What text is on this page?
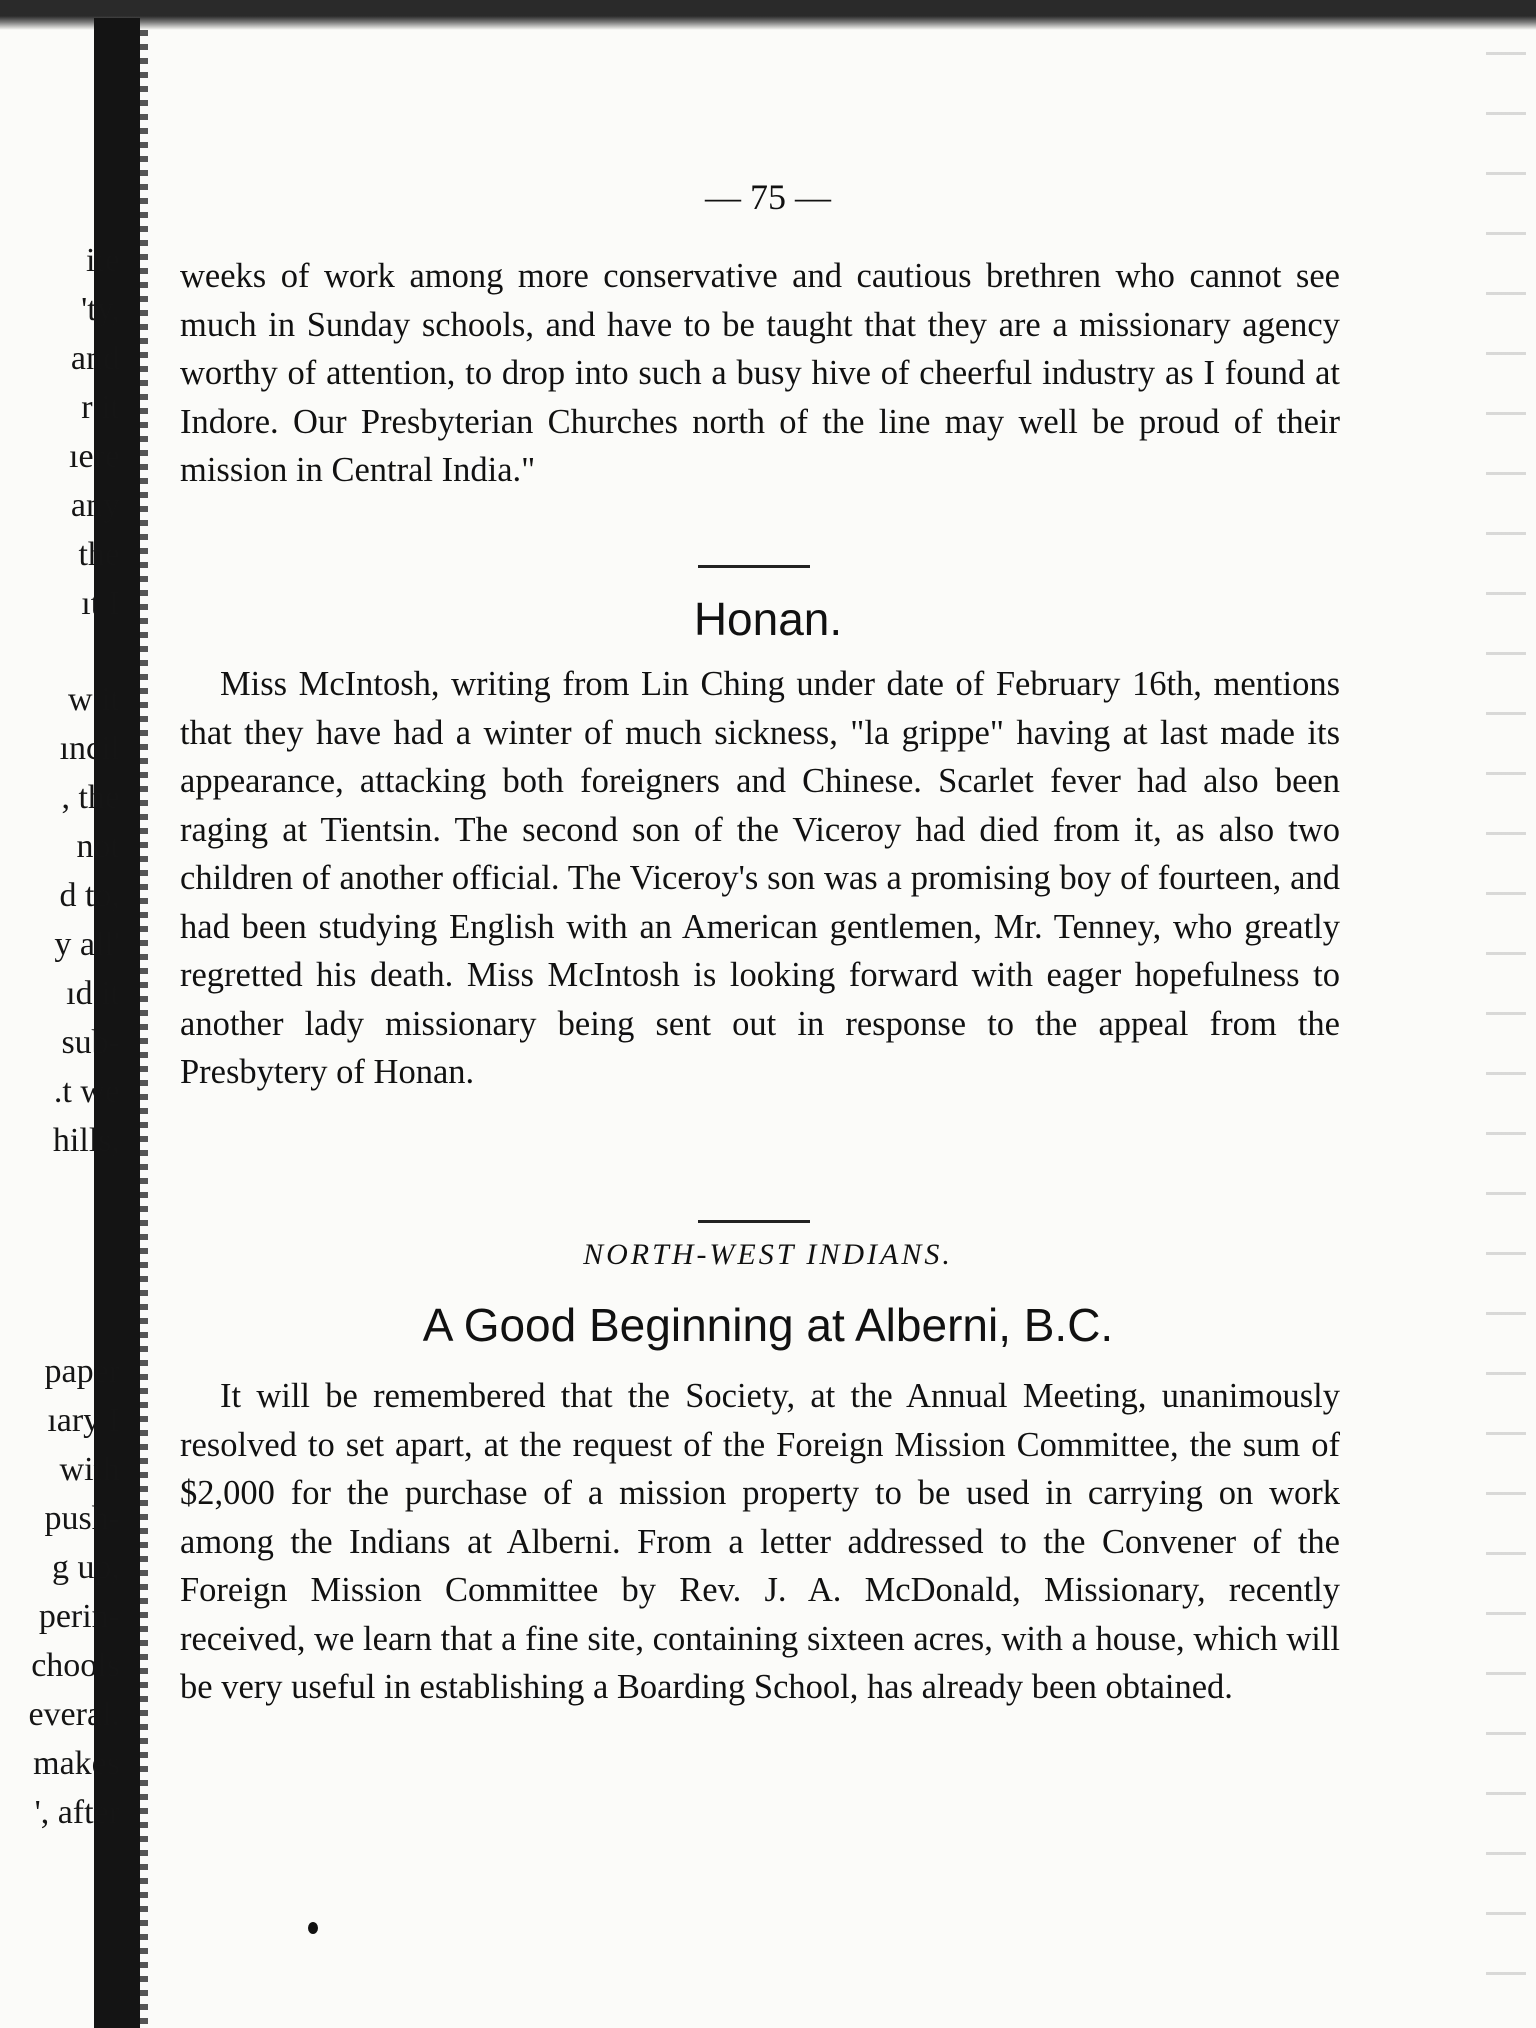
ite
'ty,
and
r it
ıere
any
the
ıt I
w it
ıncil
, the
not
d to,
y all'
ıd it
sub-
.t we
hills,
paper
ıary I
with
push-
g up,
perin-
chools
everal.
makes
', after
— 75 —
weeks of work among more conservative and cautious brethren who cannot see much in Sunday schools, and have to be taught that they are a missionary agency worthy of attention, to drop into such a busy hive of cheerful industry as I found at Indore. Our Presbyterian Churches north of the line may well be proud of their mission in Central India."
Honan.
Miss McIntosh, writing from Lin Ching under date of February 16th, mentions that they have had a winter of much sickness, "la grippe" having at last made its appearance, attacking both foreigners and Chinese. Scarlet fever had also been raging at Tientsin. The second son of the Viceroy had died from it, as also two children of another official. The Viceroy's son was a promising boy of fourteen, and had been studying English with an American gentlemen, Mr. Tenney, who greatly regretted his death. Miss McIntosh is looking forward with eager hopefulness to another lady missionary being sent out in response to the appeal from the Presbytery of Honan.
NORTH-WEST INDIANS.
A Good Beginning at Alberni, B.C.
It will be remembered that the Society, at the Annual Meeting, unanimously resolved to set apart, at the request of the Foreign Mission Committee, the sum of $2,000 for the purchase of a mission property to be used in carrying on work among the Indians at Alberni. From a letter addressed to the Convener of the Foreign Mission Committee by Rev. J. A. McDonald, Missionary, recently received, we learn that a fine site, containing sixteen acres, with a house, which will be very useful in establishing a Boarding School, has already been obtained.
